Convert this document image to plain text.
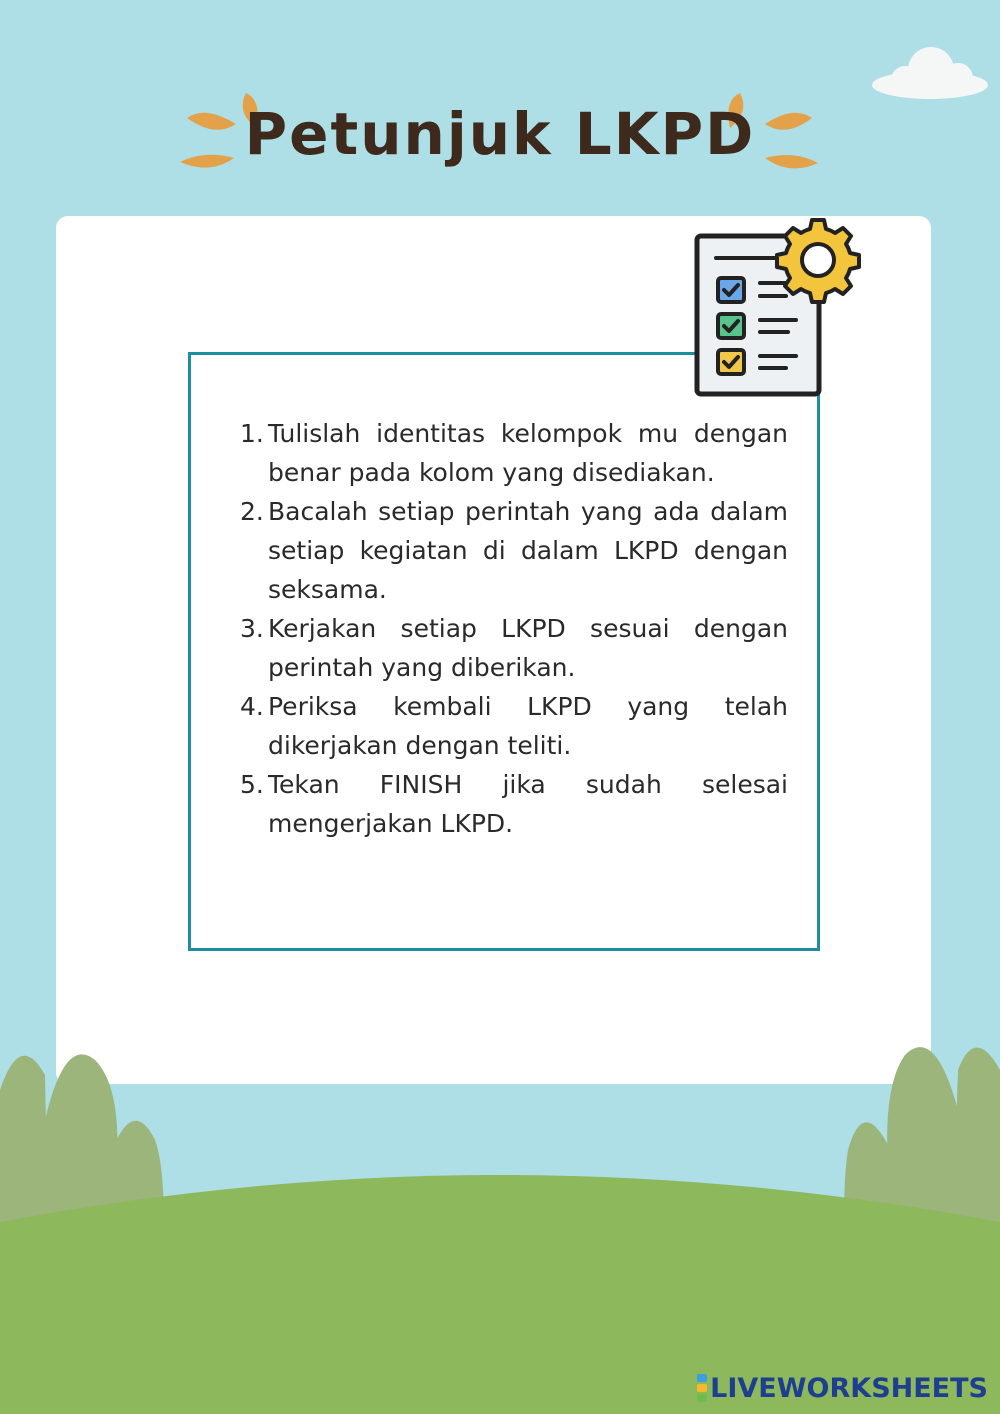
Petunjuk LKPD
1. Tulislah identitas kelompok mu dengan benar pada kolom yang disediakan.
2. Bacalah setiap perintah yang ada dalam setiap kegiatan di dalam LKPD dengan seksama.
3. Kerjakan setiap LKPD sesuai dengan perintah yang diberikan.
4. Periksa kembali LKPD yang telah dikerjakan dengan teliti.
5. Tekan FINISH jika sudah selesai mengerjakan LKPD.
LIVEWORKSHEETS
